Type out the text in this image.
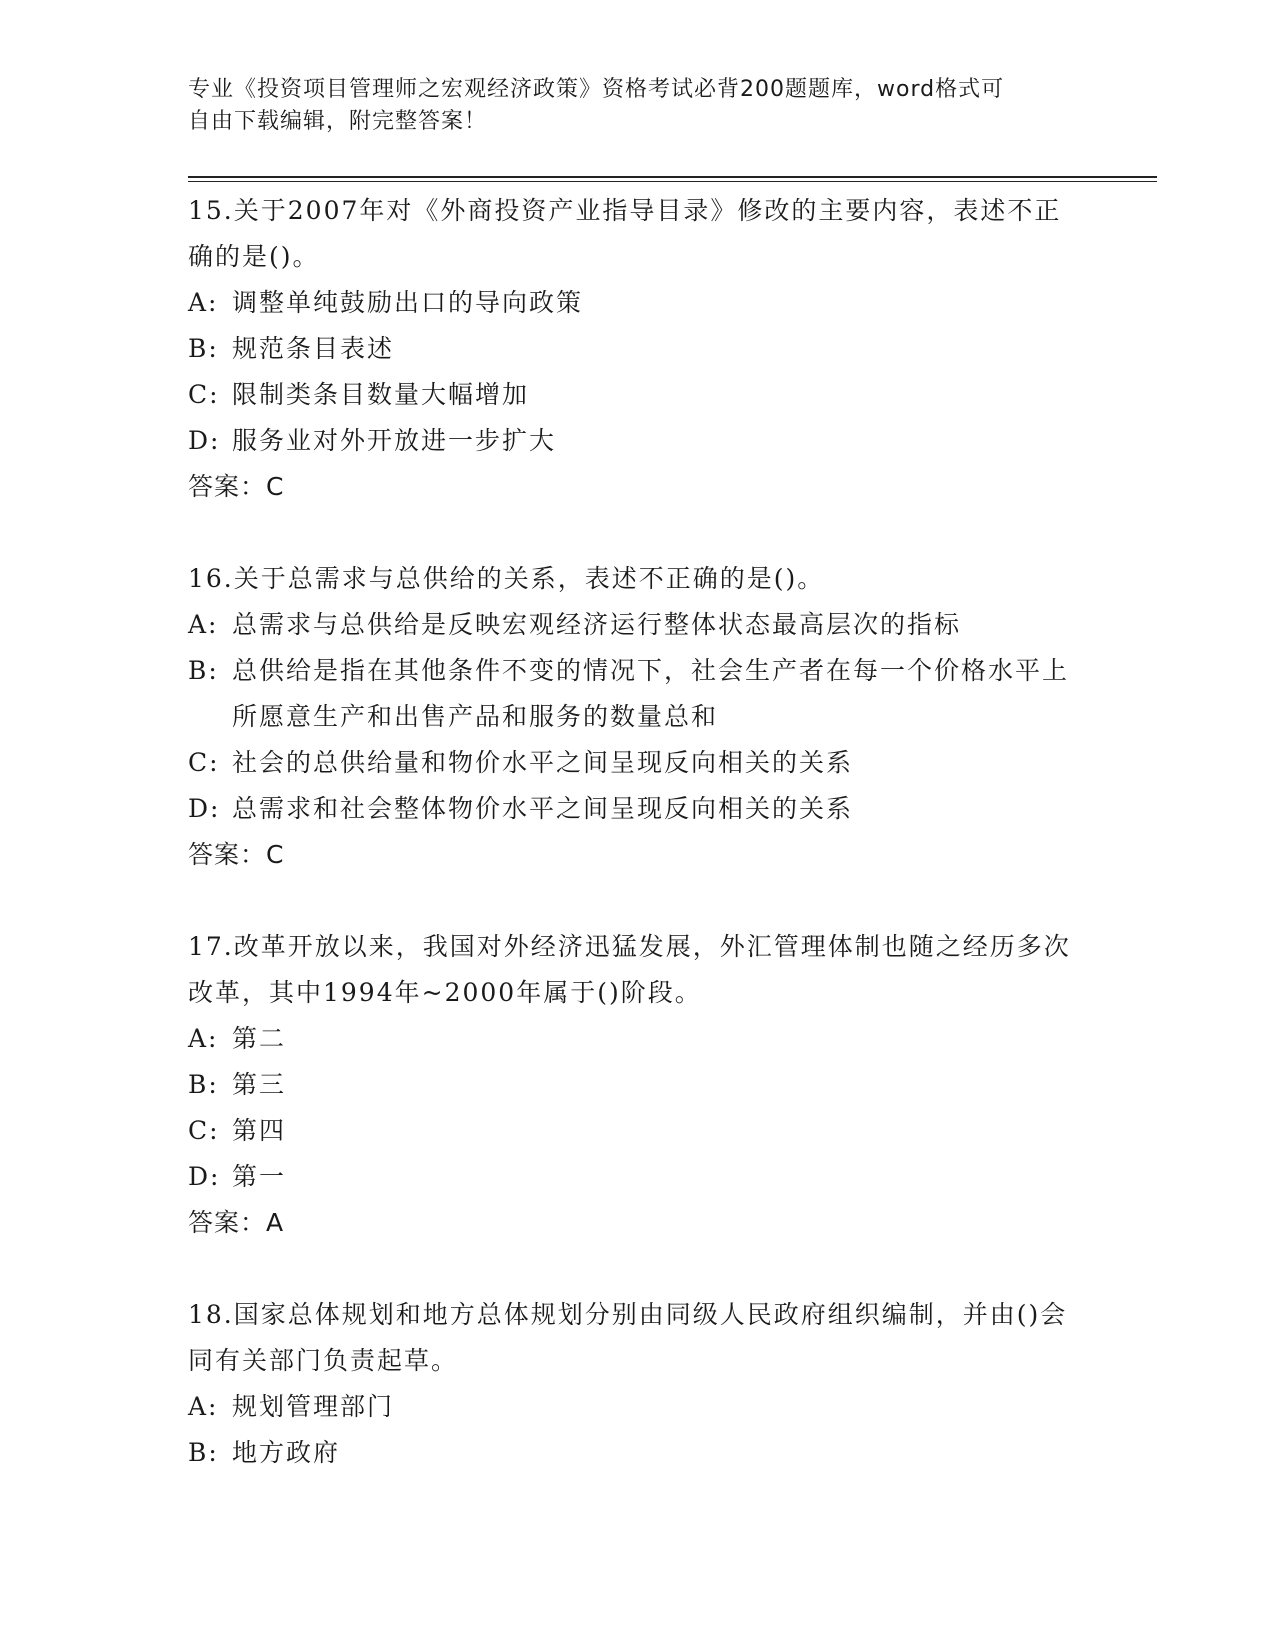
专业《投资项目管理师之宏观经济政策》资格考试必背200题题库，word格式可
自由下载编辑，附完整答案！
15.关于2007年对《外商投资产业指导目录》修改的主要内容，表述不正确的是()。
A: 调整单纯鼓励出口的导向政策
B: 规范条目表述
C: 限制类条目数量大幅增加
D: 服务业对外开放进一步扩大
答案：C
16.关于总需求与总供给的关系，表述不正确的是()。
A: 总需求与总供给是反映宏观经济运行整体状态最高层次的指标
B: 总供给是指在其他条件不变的情况下，社会生产者在每一个价格水平上所愿意生产和出售产品和服务的数量总和
C: 社会的总供给量和物价水平之间呈现反向相关的关系
D: 总需求和社会整体物价水平之间呈现反向相关的关系
答案：C
17.改革开放以来，我国对外经济迅猛发展，外汇管理体制也随之经历多次改革，其中1994年~2000年属于()阶段。
A: 第二
B: 第三
C: 第四
D: 第一
答案：A
18.国家总体规划和地方总体规划分别由同级人民政府组织编制，并由()会同有关部门负责起草。
A: 规划管理部门
B: 地方政府
